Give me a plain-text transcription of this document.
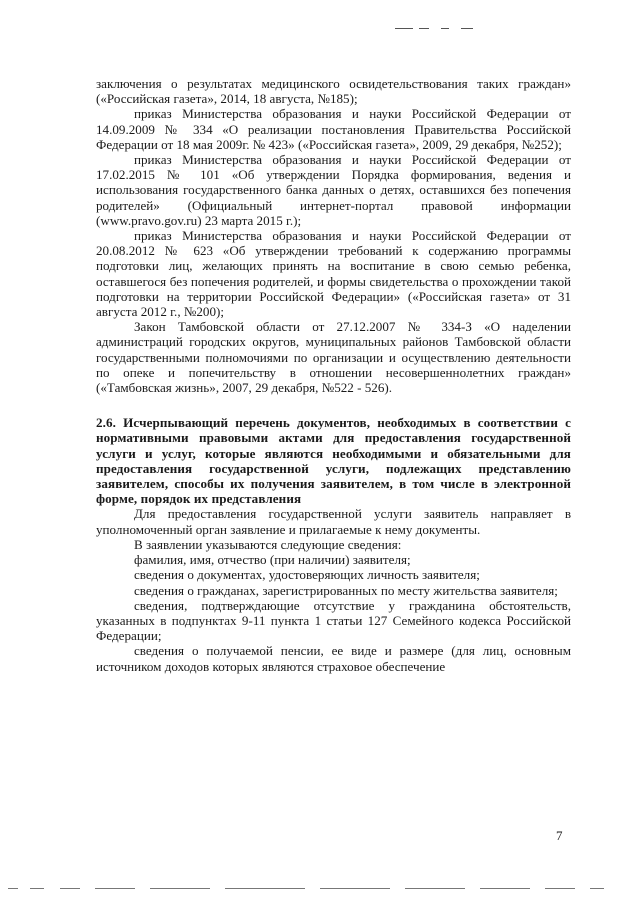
заключения о результатах медицинского освидетельствования таких граждан» («Российская газета», 2014, 18 августа, №185);

приказ Министерства образования и науки Российской Федерации от 14.09.2009 № 334 «О реализации постановления Правительства Российской Федерации от 18 мая 2009г. № 423» («Российская газета», 2009, 29 декабря, №252);

приказ Министерства образования и науки Российской Федерации от 17.02.2015 № 101 «Об утверждении Порядка формирования, ведения и использования государственного банка данных о детях, оставшихся без попечения родителей» (Официальный интернет-портал правовой информации (www.pravo.gov.ru) 23 марта 2015 г.);

приказ Министерства образования и науки Российской Федерации от 20.08.2012 № 623 «Об утверждении требований к содержанию программы подготовки лиц, желающих принять на воспитание в свою семью ребенка, оставшегося без попечения родителей, и формы свидетельства о прохождении такой подготовки на территории Российской Федерации» («Российская газета» от 31 августа 2012 г., №200);

Закон Тамбовской области от 27.12.2007 № 334-З «О наделении администраций городских округов, муниципальных районов Тамбовской области государственными полномочиями по организации и осуществлению деятельности по опеке и попечительству в отношении несовершеннолетних граждан» («Тамбовская жизнь», 2007, 29 декабря, №522 - 526).

2.6. Исчерпывающий перечень документов, необходимых в соответствии с нормативными правовыми актами для предоставления государственной услуги и услуг, которые являются необходимыми и обязательными для предоставления государственной услуги, подлежащих представлению заявителем, способы их получения заявителем, в том числе в электронной форме, порядок их представления

Для предоставления государственной услуги заявитель направляет в уполномоченный орган заявление и прилагаемые к нему документы.

В заявлении указываются следующие сведения:

фамилия, имя, отчество (при наличии) заявителя;

сведения о документах, удостоверяющих личность заявителя;

сведения о гражданах, зарегистрированных по месту жительства заявителя;

сведения, подтверждающие отсутствие у гражданина обстоятельств, указанных в подпунктах 9-11 пункта 1 статьи 127 Семейного кодекса Российской Федерации;

сведения о получаемой пенсии, ее виде и размере (для лиц, основным источником доходов которых являются страховое обеспечение

7
